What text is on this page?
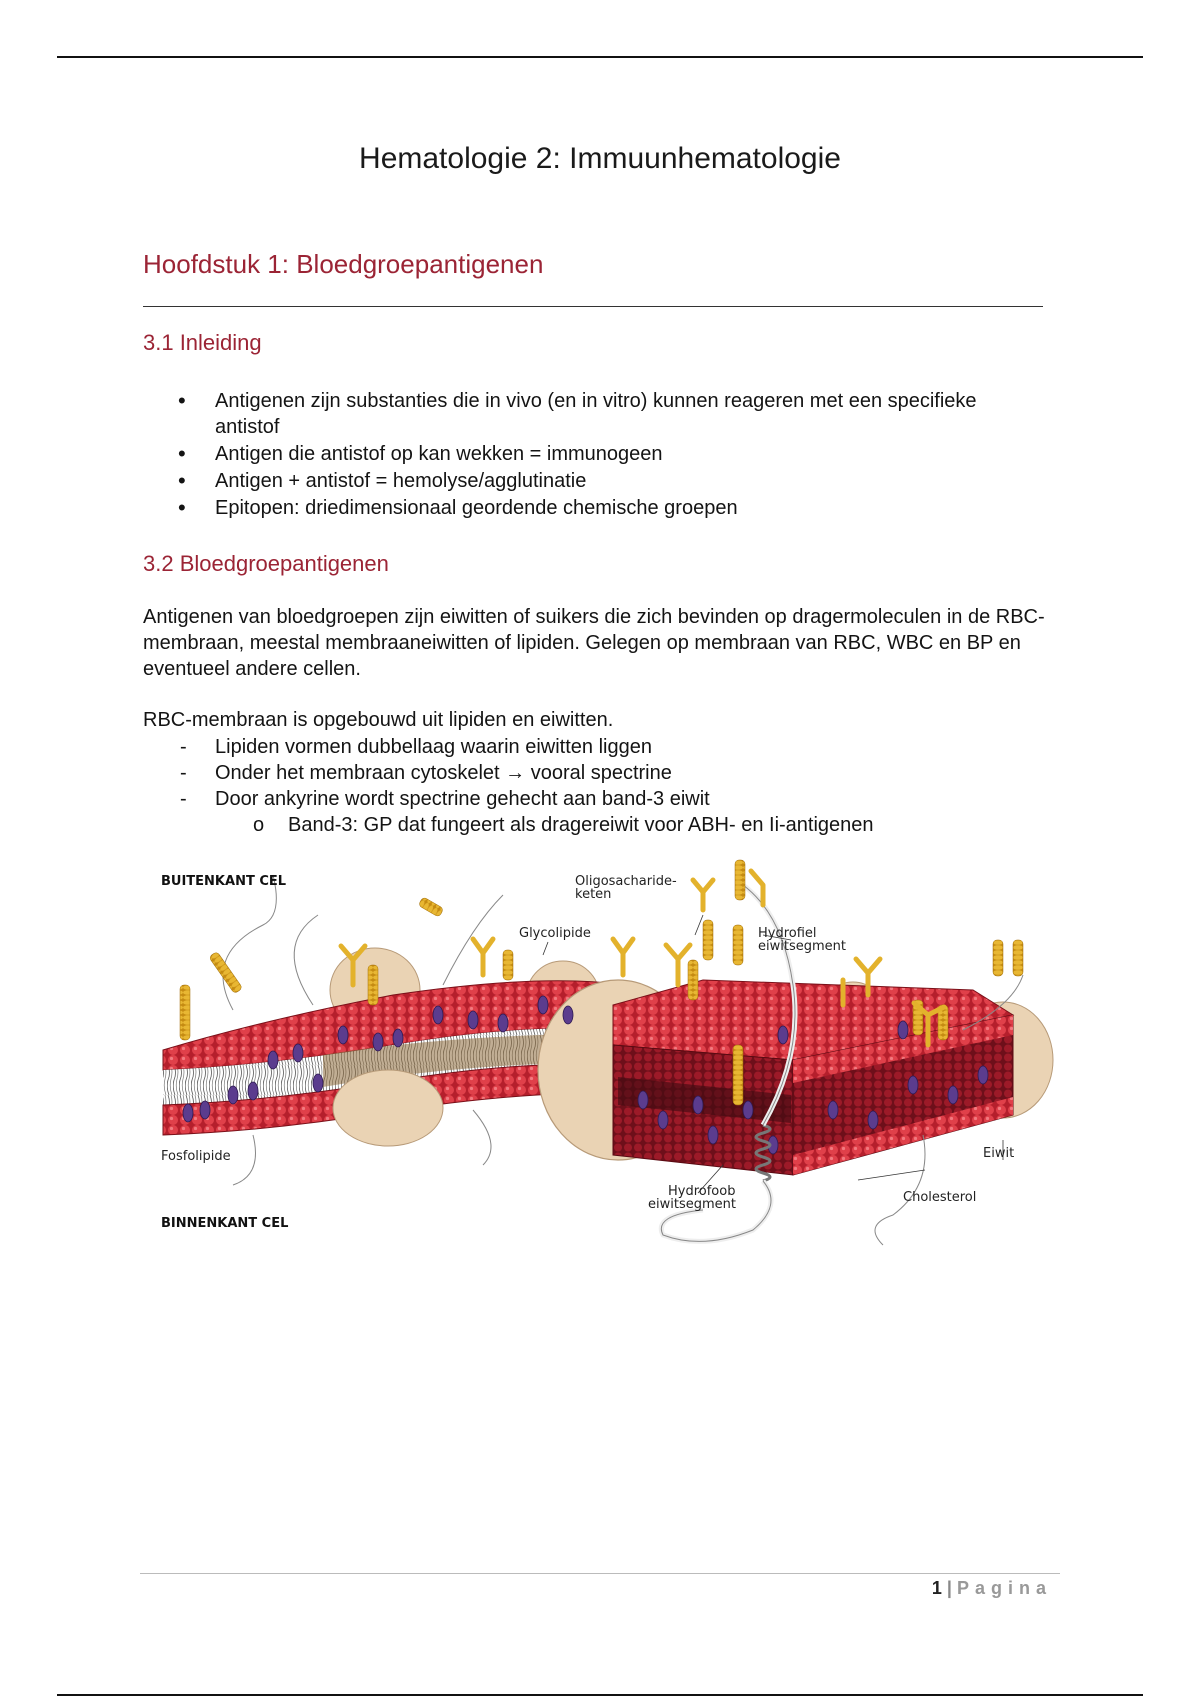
Hematologie 2: Immuunhematologie
Hoofdstuk 1: Bloedgroepantigenen
3.1 Inleiding
• Antigenen zijn substanties die in vivo (en in vitro) kunnen reageren met een specifieke antistof
• Antigen die antistof op kan wekken = immunogeen
• Antigen + antistof = hemolyse/agglutinatie
• Epitopen: driedimensionaal geordende chemische groepen
3.2 Bloedgroepantigenen

Antigenen van bloedgroepen zijn eiwitten of suikers die zich bevinden op dragermoleculen in de RBC-membraan, meestal membraaneiwitten of lipiden. Gelegen op membraan van RBC, WBC en BP en eventueel andere cellen.

RBC-membraan is opgebouwd uit lipiden en eiwitten.

- Lipiden vormen dubbellaag waarin eiwitten liggen
- Onder het membraan cytoskelet → vooral spectrine
- Door ankyrine wordt spectrine gehecht aan band-3 eiwit
o Band-3: GP dat fungeert als dragereiwit voor ABH- en Ii-antigenen
BUITENKANT CEL
BINNENKANT CEL
Oligosacharide-
keten
Glycolipide	Hydrofiel
eiwitsegment
Fosfolipide
Hydrofoob
eiwitsegment
Eiwit
Cholesterol
1 | Pagina
